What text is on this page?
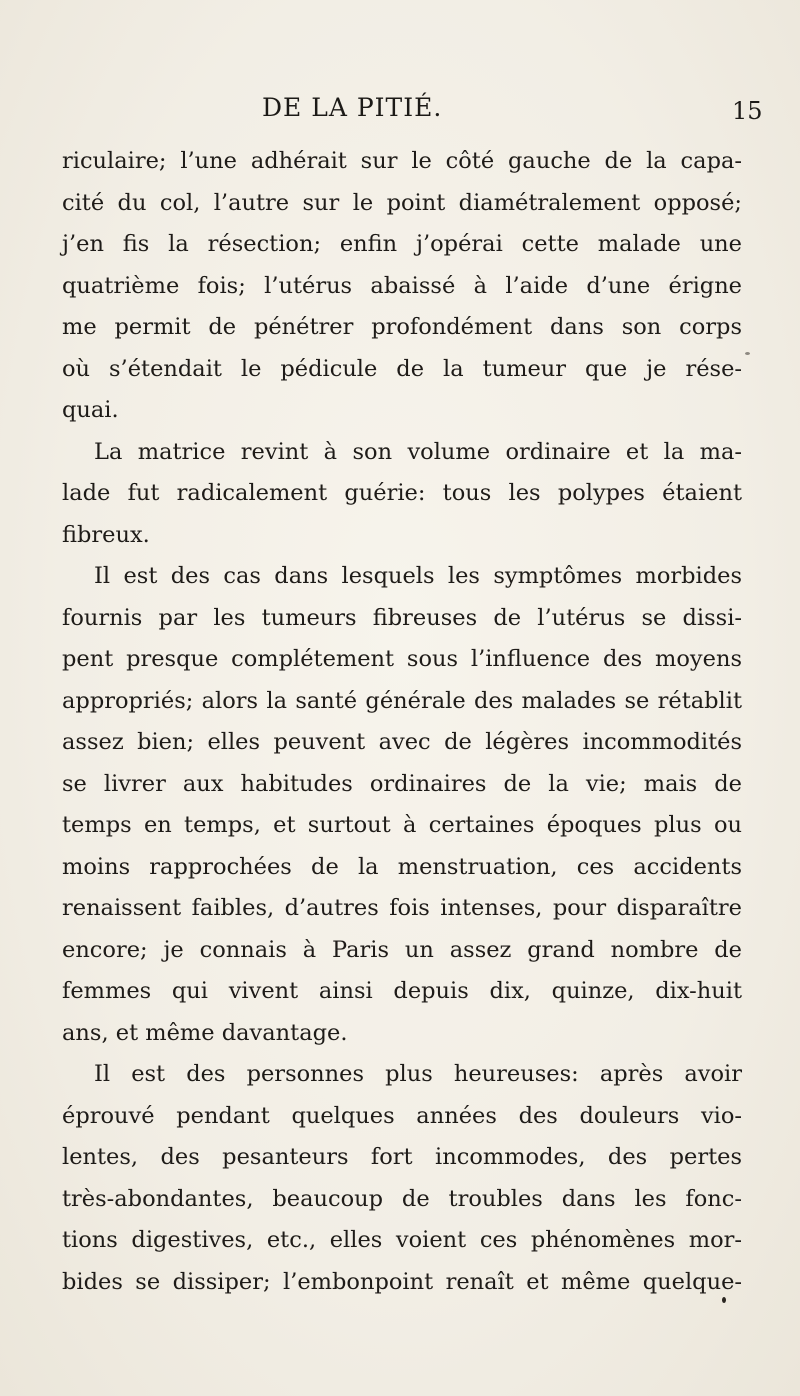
DE LA PITIÉ.	15
riculaire; l’une adhérait sur le côté gauche de la capa-
cité du col, l’autre sur le point diamétralement opposé;
j’en fis la résection; enfin j’opérai cette malade une
quatrième fois; l’utérus abaissé à l’aide d’une érigne
me permit de pénétrer profondément dans son corps
où s’étendait le pédicule de la tumeur que je rése-
quai.
La matrice revint à son volume ordinaire et la ma-
lade fut radicalement guérie: tous les polypes étaient
fibreux.
Il est des cas dans lesquels les symptômes morbides
fournis par les tumeurs fibreuses de l’utérus se dissi-
pent presque complétement sous l’influence des moyens
appropriés; alors la santé générale des malades se rétablit
assez bien; elles peuvent avec de légères incommodités
se livrer aux habitudes ordinaires de la vie; mais de
temps en temps, et surtout à certaines époques plus ou
moins rapprochées de la menstruation, ces accidents
renaissent faibles, d’autres fois intenses, pour disparaître
encore; je connais à Paris un assez grand nombre de
femmes qui vivent ainsi depuis dix, quinze, dix-huit
ans, et même davantage.
Il est des personnes plus heureuses: après avoir
éprouvé pendant quelques années des douleurs vio-
lentes, des pesanteurs fort incommodes, des pertes
très-abondantes, beaucoup de troubles dans les fonc-
tions digestives, etc., elles voient ces phénomènes mor-
bides se dissiper; l’embonpoint renaît et même quelque-
